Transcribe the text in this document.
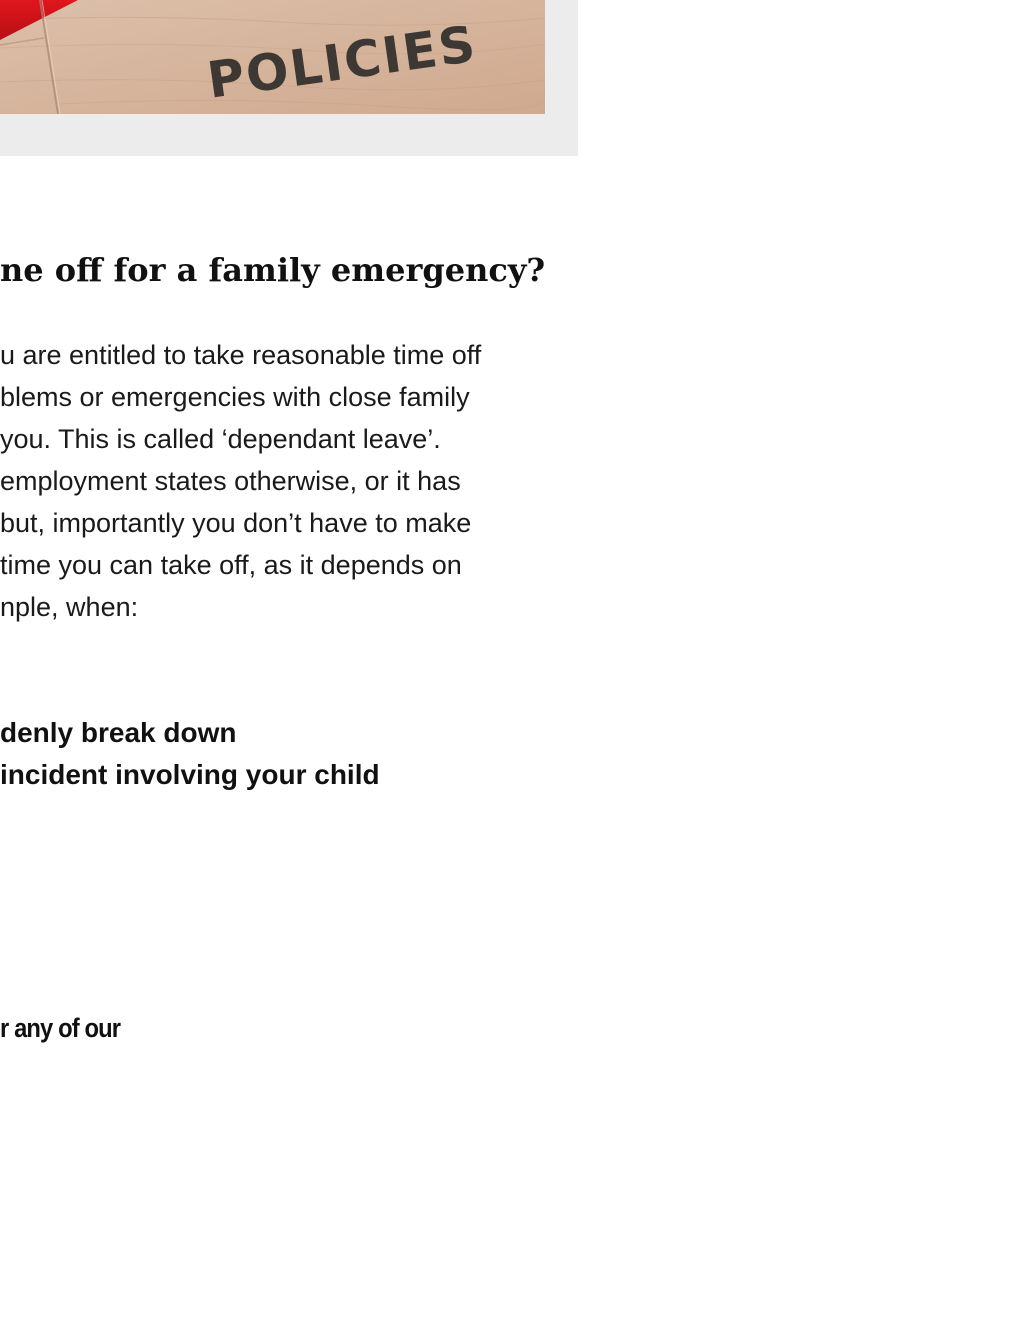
POLICIES
ne off for a family emergency?

u are entitled to take reasonable time off
blems or emergencies with close family
you. This is called ‘dependant leave’.
employment states otherwise, or it has
but, importantly you don’t have to make
time you can take off, as it depends on
nple, when:

denly break down
incident involving your child

r any of our
